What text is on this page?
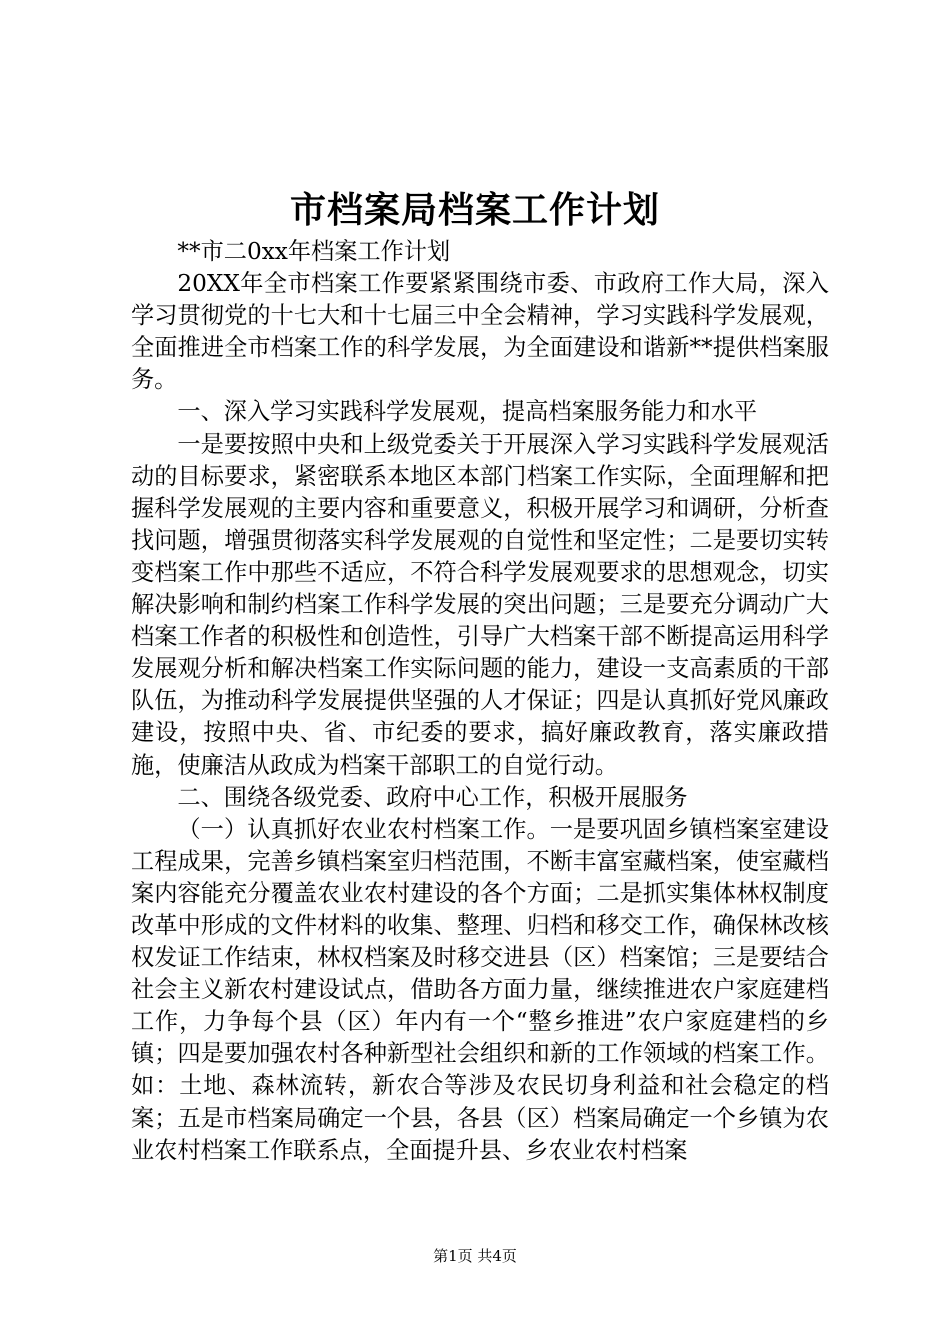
市档案局档案工作计划

**市二0xx年档案工作计划

20XX年全市档案工作要紧紧围绕市委、市政府工作大局，深入学习贯彻党的十七大和十七届三中全会精神，学习实践科学发展观，全面推进全市档案工作的科学发展，为全面建设和谐新**提供档案服务。

一、深入学习实践科学发展观，提高档案服务能力和水平

一是要按照中央和上级党委关于开展深入学习实践科学发展观活动的目标要求，紧密联系本地区本部门档案工作实际，全面理解和把握科学发展观的主要内容和重要意义，积极开展学习和调研，分析查找问题，增强贯彻落实科学发展观的自觉性和坚定性；二是要切实转变档案工作中那些不适应，不符合科学发展观要求的思想观念，切实解决影响和制约档案工作科学发展的突出问题；三是要充分调动广大档案工作者的积极性和创造性，引导广大档案干部不断提高运用科学发展观分析和解决档案工作实际问题的能力，建设一支高素质的干部队伍，为推动科学发展提供坚强的人才保证；四是认真抓好党风廉政建设，按照中央、省、市纪委的要求，搞好廉政教育，落实廉政措施，使廉洁从政成为档案干部职工的自觉行动。

二、围绕各级党委、政府中心工作，积极开展服务

（一）认真抓好农业农村档案工作。一是要巩固乡镇档案室建设工程成果，完善乡镇档案室归档范围，不断丰富室藏档案，使室藏档案内容能充分覆盖农业农村建设的各个方面；二是抓实集体林权制度改革中形成的文件材料的收集、整理、归档和移交工作，确保林改核权发证工作结束，林权档案及时移交进县（区）档案馆；三是要结合社会主义新农村建设试点，借助各方面力量，继续推进农户家庭建档工作，力争每个县（区）年内有一个“整乡推进”农户家庭建档的乡镇；四是要加强农村各种新型社会组织和新的工作领域的档案工作。如：土地、森林流转，新农合等涉及农民切身利益和社会稳定的档案；五是市档案局确定一个县，各县（区）档案局确定一个乡镇为农业农村档案工作联系点，全面提升县、乡农业农村档案

第1页 共4页
